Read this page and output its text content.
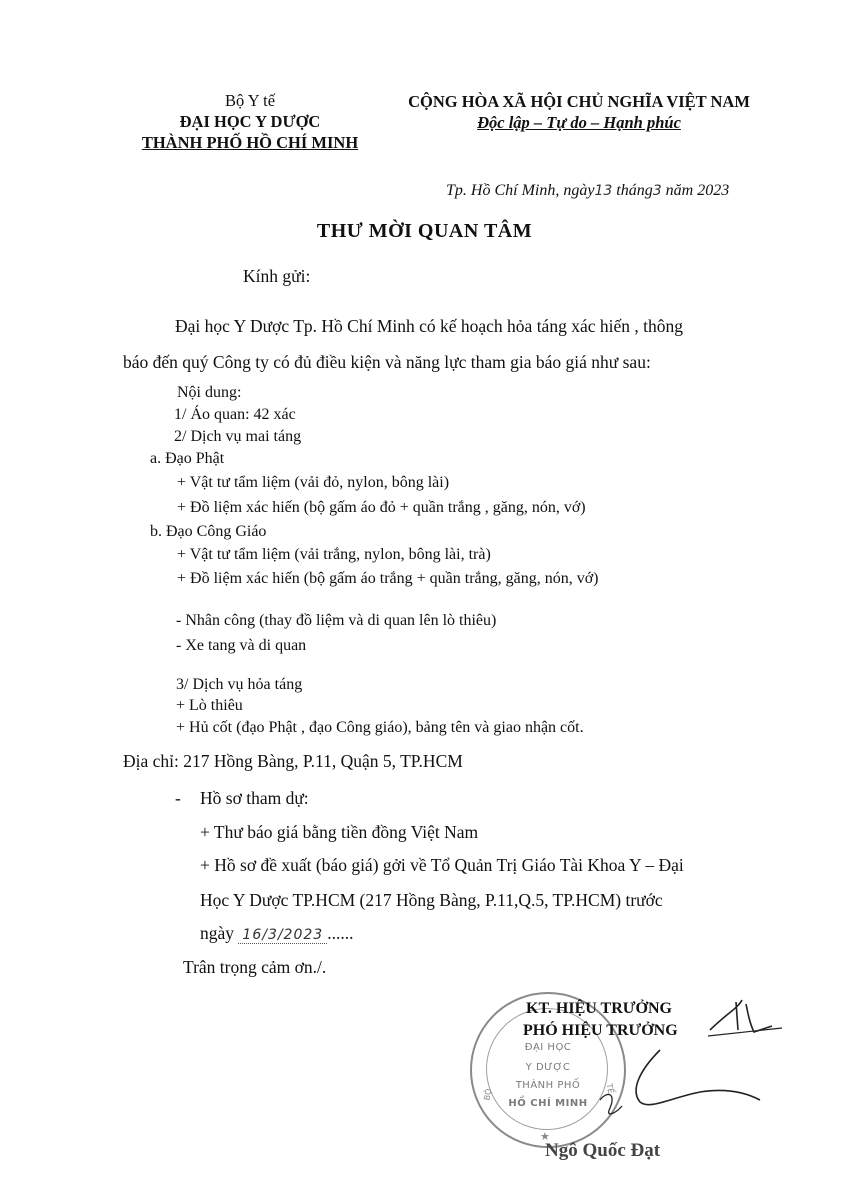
Bộ Y tế
ĐẠI HỌC Y DƯỢC
THÀNH PHỐ HỒ CHÍ MINH
CỘNG HÒA XÃ HỘI CHỦ NGHĨA VIỆT NAM
Độc lập – Tự do – Hạnh phúc
Tp. Hồ Chí Minh, ngày13 tháng3 năm 2023
THƯ MỜI QUAN TÂM
Kính gửi:
Đại học Y Dược Tp. Hồ Chí Minh có kế hoạch hỏa táng xác hiến , thông
báo đến quý Công ty có đủ điều kiện và năng lực tham gia báo giá như sau:
Nội dung:
1/ Áo quan: 42 xác
2/ Dịch vụ mai táng
a. Đạo Phật
+ Vật tư tẩm liệm (vải đỏ, nylon, bông lài)
+ Đồ liệm xác hiến (bộ gấm áo đỏ + quần trắng , găng, nón, vớ)
b. Đạo Công Giáo
+ Vật tư tẩm liệm (vải trắng, nylon, bông lài, trà)
+ Đồ liệm xác hiến (bộ gấm áo trắng + quần trắng, găng, nón, vớ)
- Nhân công (thay đồ liệm và di quan lên lò thiêu)
- Xe tang và di quan
3/ Dịch vụ hỏa táng
+ Lò thiêu
+ Hủ cốt (đạo Phật , đạo Công giáo), bảng tên và giao nhận cốt.
Địa chỉ: 217 Hồng Bàng, P.11, Quận 5, TP.HCM
- Hồ sơ tham dự:
+ Thư báo giá bằng tiền đồng Việt Nam
+ Hồ sơ đề xuất (báo giá) gởi về Tổ Quản Trị Giáo Tài Khoa Y – Đại
Học Y Dược TP.HCM (217 Hồng Bàng, P.11,Q.5, TP.HCM) trước
ngày 16/3/2023 ......
Trân trọng cảm ơn./.
ĐẠI HỌC
Y DƯỢC
THÀNH PHỐ
HỒ CHÍ MINH
BỘ	TẾ
★
KT. HIỆU TRƯỞNG
PHÓ HIỆU TRƯỞNG
Ngô Quốc Đạt
